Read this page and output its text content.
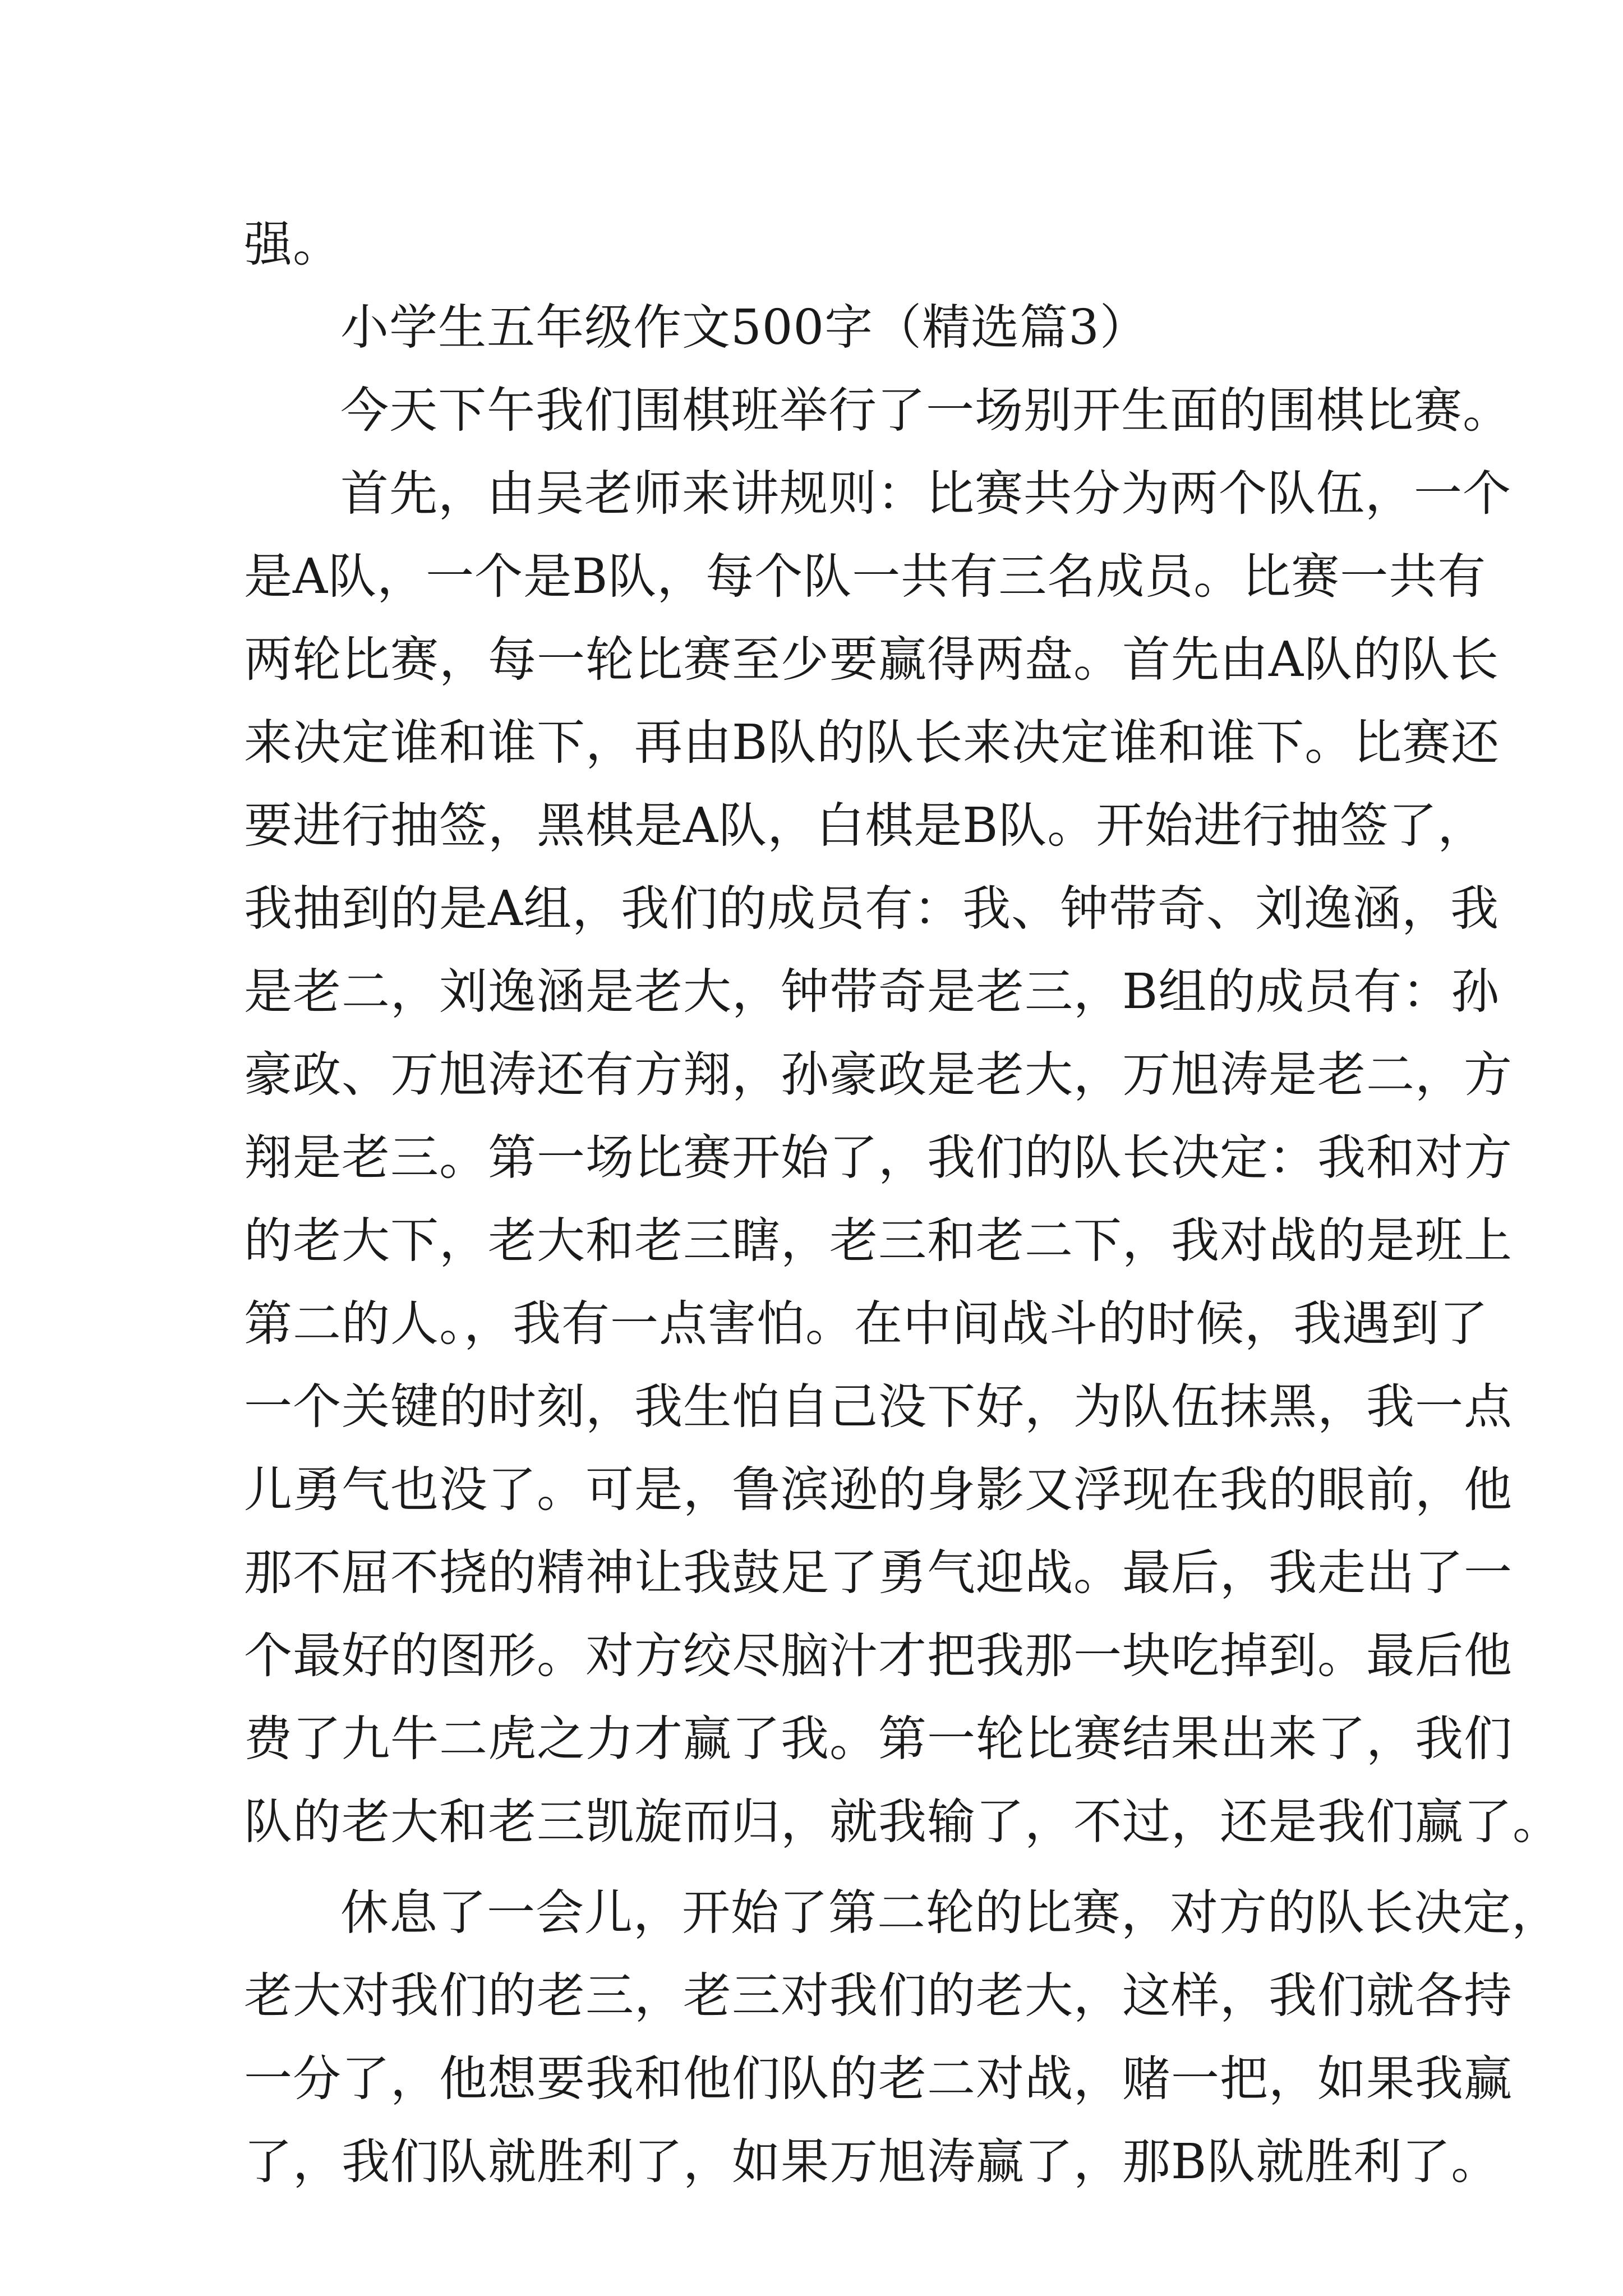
强。
小学生五年级作文500字（精选篇3）
今天下午我们围棋班举行了一场别开生面的围棋比赛。
首先，由吴老师来讲规则：比赛共分为两个队伍，一个
是A队，一个是B队，每个队一共有三名成员。比赛一共有
两轮比赛，每一轮比赛至少要赢得两盘。首先由A队的队长
来决定谁和谁下，再由B队的队长来决定谁和谁下。比赛还
要进行抽签，黑棋是A队，白棋是B队。开始进行抽签了，
我抽到的是A组，我们的成员有：我、钟带奇、刘逸涵，我
是老二，刘逸涵是老大，钟带奇是老三，B组的成员有：孙
豪政、万旭涛还有方翔，孙豪政是老大，万旭涛是老二，方
翔是老三。第一场比赛开始了，我们的队长决定：我和对方
的老大下，老大和老三瞎，老三和老二下，我对战的是班上
第二的人。，我有一点害怕。在中间战斗的时候，我遇到了
一个关键的时刻，我生怕自己没下好，为队伍抹黑，我一点
儿勇气也没了。可是，鲁滨逊的身影又浮现在我的眼前，他
那不屈不挠的精神让我鼓足了勇气迎战。最后，我走出了一
个最好的图形。对方绞尽脑汁才把我那一块吃掉到。最后他
费了九牛二虎之力才赢了我。第一轮比赛结果出来了，我们
队的老大和老三凯旋而归，就我输了，不过，还是我们赢了。
休息了一会儿，开始了第二轮的比赛，对方的队长决定，
老大对我们的老三，老三对我们的老大，这样，我们就各持
一分了，他想要我和他们队的老二对战，赌一把，如果我赢
了，我们队就胜利了，如果万旭涛赢了，那B队就胜利了。
